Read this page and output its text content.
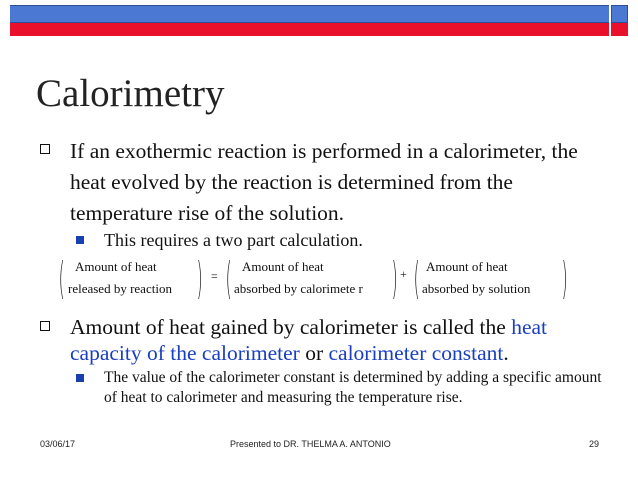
Calorimetry
If an exothermic reaction is performed in a calorimeter, the heat evolved by the reaction is determined from the temperature rise of the solution.
This requires a two part calculation.
( Amount of heat
released by reaction ) = ( Amount of heat
absorbed by calorimete r ) + ( Amount of heat
absorbed by solution )
Amount of heat gained by calorimeter is called the heat capacity of the calorimeter or calorimeter constant.
The value of the calorimeter constant is determined by adding a specific amount of heat to calorimeter and measuring the temperature rise.
03/06/17	Presented to DR. THELMA A. ANTONIO	29
